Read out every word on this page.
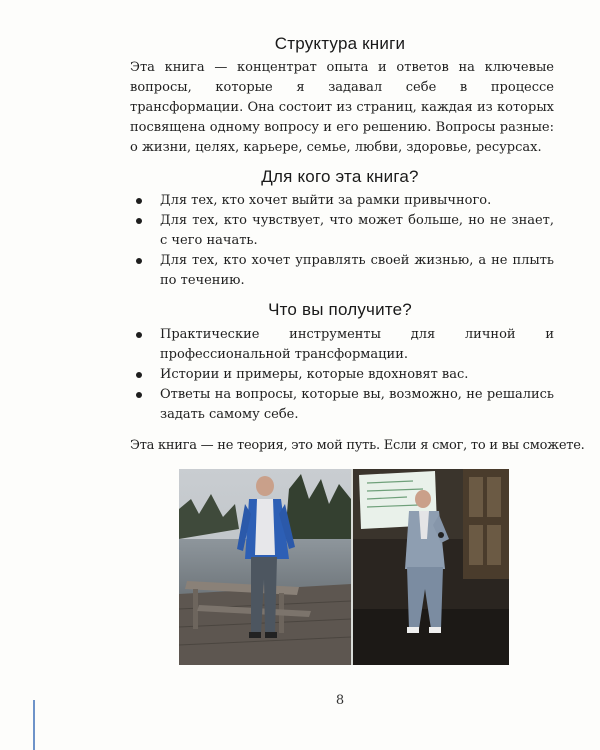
Структура книги
Эта книга — концентрат опыта и ответов на ключевые вопросы, которые я задавал себе в процессе трансформации. Она состоит из страниц, каждая из которых посвящена одному вопросу и его решению. Вопросы разные: о жизни, целях, карьере, семье, любви, здоровье, ресурсах.
Для кого эта книга?
Для тех, кто хочет выйти за рамки привычного.
Для тех, кто чувствует, что может больше, но не знает, с чего начать.
Для тех, кто хочет управлять своей жизнью, а не плыть по течению.
Что вы получите?
Практические инструменты для личной и профессиональной трансформации.
Истории и примеры, которые вдохновят вас.
Ответы на вопросы, которые вы, возможно, не решались задать самому себе.
Эта книга — не теория, это мой путь. Если я смог, то и вы сможете.
8
